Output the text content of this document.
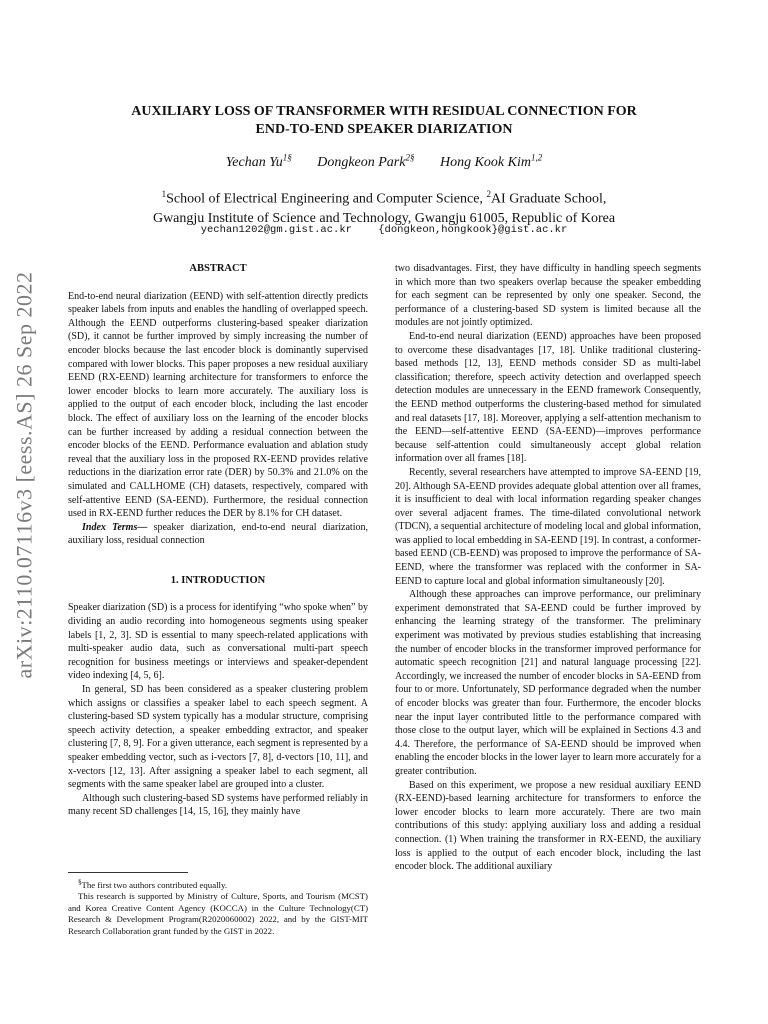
arXiv:2110.07116v3 [eess.AS] 26 Sep 2022
AUXILIARY LOSS OF TRANSFORMER WITH RESIDUAL CONNECTION FOR
END-TO-END SPEAKER DIARIZATION
Yechan $Yu^{1\S}$ Dongkeon Park$^{2\S}$ Hong Kook Kim$^{1,2}$
$^1$School of Electrical Engineering and Computer Science, $^2$AI Graduate School,
Gwangju Institute of Science and Technology, Gwangju 61005, Republic of Korea
yechan1202@gm.gist.ac.kr	{dongkeon,hongkook}@gist.ac.kr
ABSTRACT

End-to-end neural diarization (EEND) with self-attention directly predicts speaker labels from inputs and enables the handling of overlapped speech. Although the EEND outperforms clustering-based speaker diarization (SD), it cannot be further improved by simply increasing the number of encoder blocks because the last encoder block is dominantly supervised compared with lower blocks. This paper proposes a new residual auxiliary EEND (RX-EEND) learning architecture for transformers to enforce the lower encoder blocks to learn more accurately. The auxiliary loss is applied to the output of each encoder block, including the last encoder block. The effect of auxiliary loss on the learning of the encoder blocks can be further increased by adding a residual connection between the encoder blocks of the EEND. Performance evaluation and ablation study reveal that the auxiliary loss in the proposed RX-EEND provides relative reductions in the diarization error rate (DER) by 50.3% and 21.0% on the simulated and CALLHOME (CH) datasets, respectively, compared with self-attentive EEND (SA-EEND). Furthermore, the residual connection used in RX-EEND further reduces the DER by 8.1% for CH dataset.

Index Terms— speaker diarization, end-to-end neural diarization, auxiliary loss, residual connection

1. INTRODUCTION

Speaker diarization (SD) is a process for identifying “who spoke when” by dividing an audio recording into homogeneous segments using speaker labels [1, 2, 3]. SD is essential to many speech-related applications with multi-speaker audio data, such as conversational multi-part speech recognition for business meetings or interviews and speaker-dependent video indexing [4, 5, 6].

In general, SD has been considered as a speaker clustering problem which assigns or classifies a speaker label to each speech segment. A clustering-based SD system typically has a modular structure, comprising speech activity detection, a speaker embedding extractor, and speaker clustering [7, 8, 9]. For a given utterance, each segment is represented by a speaker embedding vector, such as i-vectors [7, 8], d-vectors [10, 11], and x-vectors [12, 13]. After assigning a speaker label to each segment, all segments with the same speaker label are grouped into a cluster.

Although such clustering-based SD systems have performed reliably in many recent SD challenges [14, 15, 16], they mainly have

§The first two authors contributed equally.

This research is supported by Ministry of Culture, Sports, and Tourism (MCST) and Korea Creative Content Agency (KOCCA) in the Culture Technology(CT) Research & Development Program(R2020060002) 2022, and by the GIST-MIT Research Collaboration grant funded by the GIST in 2022.

two disadvantages. First, they have difficulty in handling speech segments in which more than two speakers overlap because the speaker embedding for each segment can be represented by only one speaker. Second, the performance of a clustering-based SD system is limited because all the modules are not jointly optimized.

End-to-end neural diarization (EEND) approaches have been proposed to overcome these disadvantages [17, 18]. Unlike traditional clustering-based methods [12, 13], EEND methods consider SD as multi-label classification; therefore, speech activity detection and overlapped speech detection modules are unnecessary in the EEND framework Consequently, the EEND method outperforms the clustering-based method for simulated and real datasets [17, 18]. Moreover, applying a self-attention mechanism to the EEND—self-attentive EEND (SA-EEND)—improves performance because self-attention could simultaneously accept global relation information over all frames [18].

Recently, several researchers have attempted to improve SA-EEND [19, 20]. Although SA-EEND provides adequate global attention over all frames, it is insufficient to deal with local information regarding speaker changes over several adjacent frames. The time-dilated convolutional network (TDCN), a sequential architecture of modeling local and global information, was applied to local embedding in SA-EEND [19]. In contrast, a conformer-based EEND (CB-EEND) was proposed to improve the performance of SA-EEND, where the transformer was replaced with the conformer in SA-EEND to capture local and global information simultaneously [20].

Although these approaches can improve performance, our preliminary experiment demonstrated that SA-EEND could be further improved by enhancing the learning strategy of the transformer. The preliminary experiment was motivated by previous studies establishing that increasing the number of encoder blocks in the transformer improved performance for automatic speech recognition [21] and natural language processing [22]. Accordingly, we increased the number of encoder blocks in SA-EEND from four to or more. Unfortunately, SD performance degraded when the number of encoder blocks was greater than four. Furthermore, the encoder blocks near the input layer contributed little to the performance compared with those close to the output layer, which will be explained in Sections 4.3 and 4.4. Therefore, the performance of SA-EEND should be improved when enabling the encoder blocks in the lower layer to learn more accurately for a greater contribution.

Based on this experiment, we propose a new residual auxiliary EEND (RX-EEND)-based learning architecture for transformers to enforce the lower encoder blocks to learn more accurately. There are two main contributions of this study: applying auxiliary loss and adding a residual connection. (1) When training the transformer in RX-EEND, the auxiliary loss is applied to the output of each encoder block, including the last encoder block. The additional auxiliary
